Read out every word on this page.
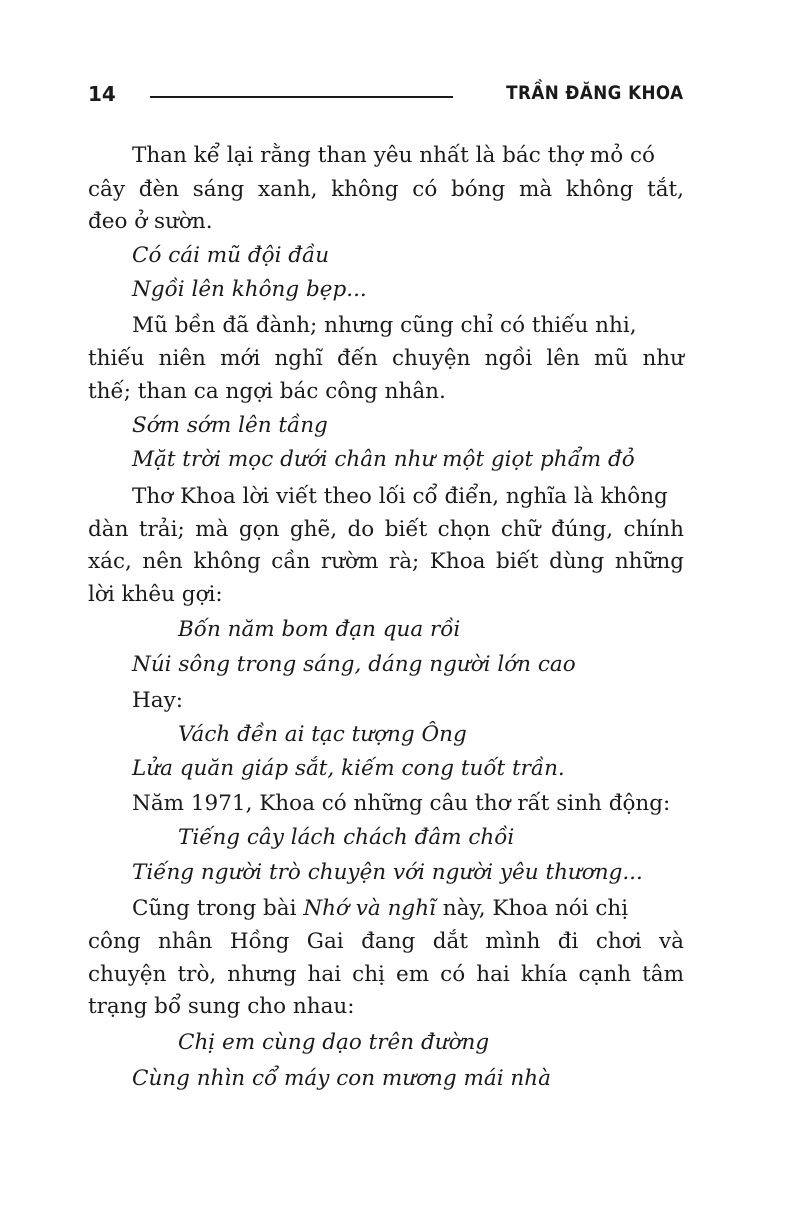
14	TRẦN ĐĂNG KHOA
Than kể lại rằng than yêu nhất là bác thợ mỏ có
cây đèn sáng xanh, không có bóng mà không tắt,
đeo ở sườn.
Có cái mũ đội đầu
Ngồi lên không bẹp...
Mũ bền đã đành; nhưng cũng chỉ có thiếu nhi,
thiếu niên mới nghĩ đến chuyện ngồi lên mũ như
thế; than ca ngợi bác công nhân.
Sớm sớm lên tầng
Mặt trời mọc dưới chân như một giọt phẩm đỏ
Thơ Khoa lời viết theo lối cổ điển, nghĩa là không
dàn trải; mà gọn ghẽ, do biết chọn chữ đúng, chính
xác, nên không cần rườm rà; Khoa biết dùng những
lời khêu gợi:
Bốn năm bom đạn qua rồi
Núi sông trong sáng, dáng người lớn cao
Hay:
Vách đền ai tạc tượng Ông
Lửa quăn giáp sắt, kiếm cong tuốt trần.
Năm 1971, Khoa có những câu thơ rất sinh động:
Tiếng cây lách chách đâm chồi
Tiếng người trò chuyện với người yêu thương...
Cũng trong bài Nhớ và nghĩ này, Khoa nói chị
công nhân Hồng Gai đang dắt mình đi chơi và
chuyện trò, nhưng hai chị em có hai khía cạnh tâm
trạng bổ sung cho nhau:
Chị em cùng dạo trên đường
Cùng nhìn cổ máy con mương mái nhà
